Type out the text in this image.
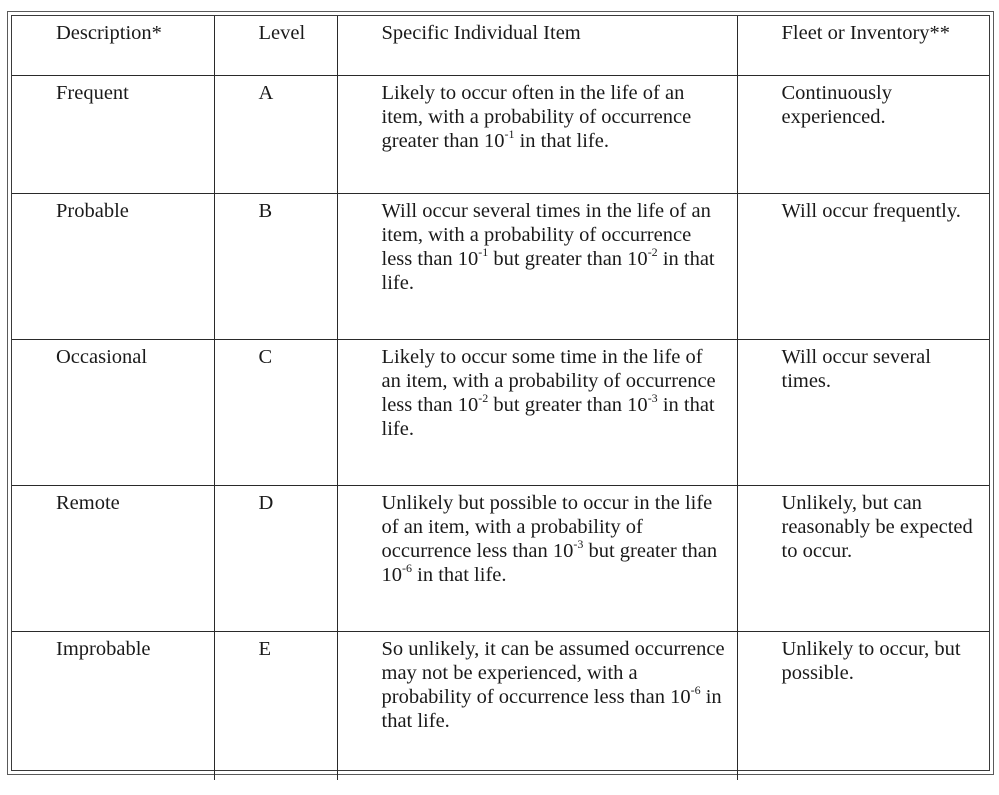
Description*	Level	Specific Individual Item	Fleet or Inventory**
Frequent	A	Likely to occur often in the life of an item, with a probability of occurrence greater than $10^{-1}$ in that life.	Continuously experienced.
Probable	B	Will occur several times in the life of an item, with a probability of occurrence less than $10^{-1}$ but greater than $10^{-2}$ in that life.	Will occur frequently.
Occasional	C	Likely to occur some time in the life of an item, with a probability of occurrence less than $10^{-2}$ but greater than $10^{-3}$ in that life.	Will occur several times.
Remote	D	Unlikely but possible to occur in the life of an item, with a probability of occurrence less than $10^{-3}$ but greater than $10^{-6}$ in that life.	Unlikely, but can reasonably be expected to occur.
Improbable	E	So unlikely, it can be assumed occurrence may not be experienced, with a probability of occurrence less than $10^{-6}$ in that life.	Unlikely to occur, but possible.
